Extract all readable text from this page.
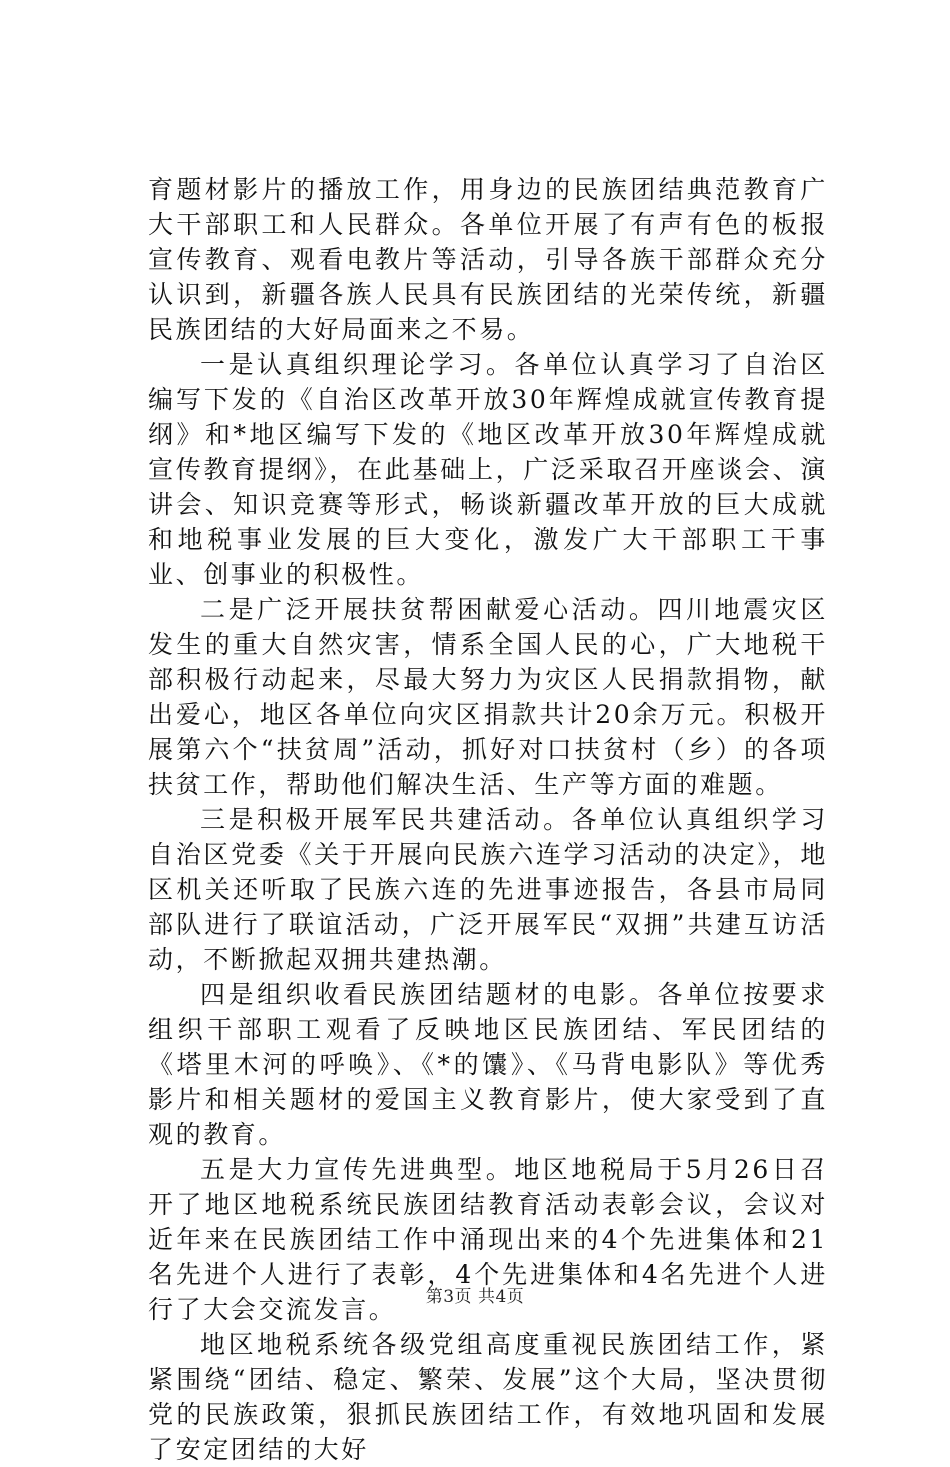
育题材影片的播放工作，用身边的民族团结典范教育广大干部职工和人民群众。各单位开展了有声有色的板报宣传教育、观看电教片等活动，引导各族干部群众充分认识到，新疆各族人民具有民族团结的光荣传统，新疆民族团结的大好局面来之不易。

一是认真组织理论学习。各单位认真学习了自治区编写下发的《自治区改革开放30年辉煌成就宣传教育提纲》和*地区编写下发的《地区改革开放30年辉煌成就宣传教育提纲》，在此基础上，广泛采取召开座谈会、演讲会、知识竞赛等形式，畅谈新疆改革开放的巨大成就和地税事业发展的巨大变化，激发广大干部职工干事业、创事业的积极性。

二是广泛开展扶贫帮困献爱心活动。四川地震灾区发生的重大自然灾害，情系全国人民的心，广大地税干部积极行动起来，尽最大努力为灾区人民捐款捐物，献出爱心，地区各单位向灾区捐款共计20余万元。积极开展第六个“扶贫周”活动，抓好对口扶贫村（乡）的各项扶贫工作，帮助他们解决生活、生产等方面的难题。

三是积极开展军民共建活动。各单位认真组织学习自治区党委《关于开展向民族六连学习活动的决定》，地区机关还听取了民族六连的先进事迹报告，各县市局同部队进行了联谊活动，广泛开展军民“双拥”共建互访活动，不断掀起双拥共建热潮。

四是组织收看民族团结题材的电影。各单位按要求组织干部职工观看了反映地区民族团结、军民团结的《塔里木河的呼唤》、《*的馕》、《马背电影队》等优秀影片和相关题材的爱国主义教育影片，使大家受到了直观的教育。

五是大力宣传先进典型。地区地税局于5月26日召开了地区地税系统民族团结教育活动表彰会议，会议对近年来在民族团结工作中涌现出来的4个先进集体和21名先进个人进行了表彰，4个先进集体和4名先进个人进行了大会交流发言。

地区地税系统各级党组高度重视民族团结工作，紧紧围绕“团结、稳定、繁荣、发展”这个大局，坚决贯彻党的民族政策，狠抓民族团结工作，有效地巩固和发展了安定团结的大好

第3页 共4页
